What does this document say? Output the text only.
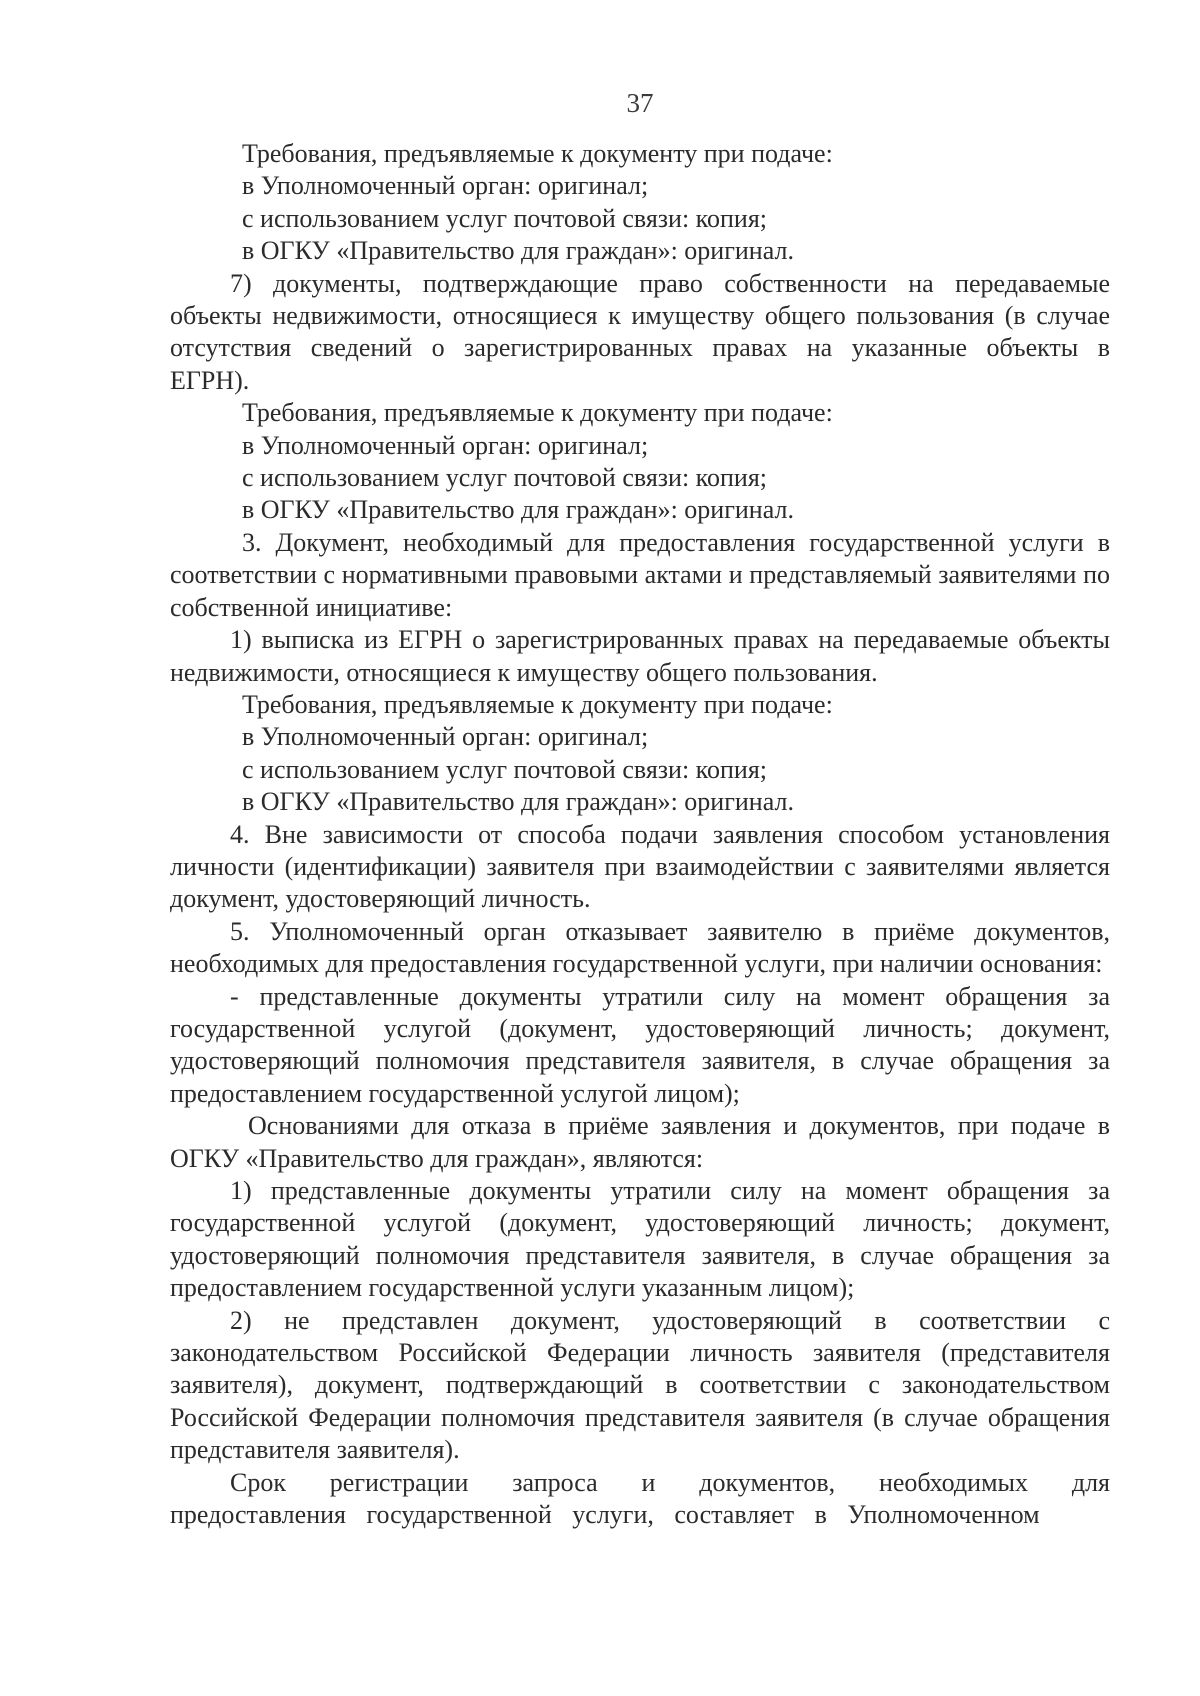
37

Требования, предъявляемые к документу при подаче:

в Уполномоченный орган: оригинал;

с использованием услуг почтовой связи: копия;

в ОГКУ «Правительство для граждан»: оригинал.

7) документы, подтверждающие право собственности на передаваемые объекты недвижимости, относящиеся к имуществу общего пользования (в случае отсутствия сведений о зарегистрированных правах на указанные объекты в ЕГРН).

Требования, предъявляемые к документу при подаче:

в Уполномоченный орган: оригинал;

с использованием услуг почтовой связи: копия;

в ОГКУ «Правительство для граждан»: оригинал.

3. Документ, необходимый для предоставления государственной услуги в соответствии с нормативными правовыми актами и представляемый заявителями по собственной инициативе:

1) выписка из ЕГРН о зарегистрированных правах на передаваемые объекты недвижимости, относящиеся к имуществу общего пользования.

Требования, предъявляемые к документу при подаче:

в Уполномоченный орган: оригинал;

с использованием услуг почтовой связи: копия;

в ОГКУ «Правительство для граждан»: оригинал.

4. Вне зависимости от способа подачи заявления способом установления личности (идентификации) заявителя при взаимодействии с заявителями является документ, удостоверяющий личность.

5. Уполномоченный орган отказывает заявителю в приёме документов, необходимых для предоставления государственной услуги, при наличии основания:

- представленные документы утратили силу на момент обращения за государственной услугой (документ, удостоверяющий личность; документ, удостоверяющий полномочия представителя заявителя, в случае обращения за предоставлением государственной услугой лицом);

Основаниями для отказа в приёме заявления и документов, при подаче в ОГКУ «Правительство для граждан», являются:

1) представленные документы утратили силу на момент обращения за государственной услугой (документ, удостоверяющий личность; документ, удостоверяющий полномочия представителя заявителя, в случае обращения за предоставлением государственной услуги указанным лицом);

2) не представлен документ, удостоверяющий в соответствии с законодательством Российской Федерации личность заявителя (представителя заявителя), документ, подтверждающий в соответствии с законодательством Российской Федерации полномочия представителя заявителя (в случае обращения представителя заявителя).

Срок регистрации запроса и документов, необходимых для предоставления государственной услуги, составляет в Уполномоченном
